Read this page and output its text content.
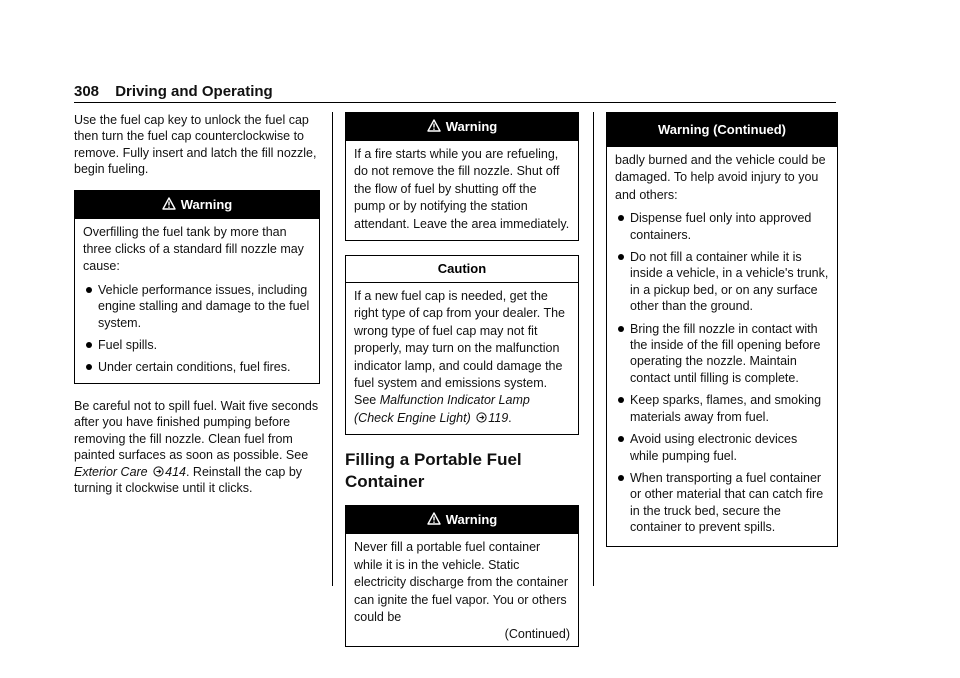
308 Driving and Operating

Use the fuel cap key to unlock the fuel cap then turn the fuel cap counterclockwise to remove. Fully insert and latch the fill nozzle, begin fueling.

Warning

Overfilling the fuel tank by more than three clicks of a standard fill nozzle may cause:

Vehicle performance issues, including engine stalling and damage to the fuel system.
Fuel spills.
Under certain conditions, fuel fires.

Be careful not to spill fuel. Wait five seconds after you have finished pumping before removing the fill nozzle. Clean fuel from painted surfaces as soon as possible. See Exterior Care 414. Reinstall the cap by turning it clockwise until it clicks.

Warning

If a fire starts while you are refueling, do not remove the fill nozzle. Shut off the flow of fuel by shutting off the pump or by notifying the station attendant. Leave the area immediately.

Caution

If a new fuel cap is needed, get the right type of cap from your dealer. The wrong type of fuel cap may not fit properly, may turn on the malfunction indicator lamp, and could damage the fuel system and emissions system. See Malfunction Indicator Lamp (Check Engine Light) 119.

Filling a Portable Fuel Container
Warning

Never fill a portable fuel container while it is in the vehicle. Static electricity discharge from the container can ignite the fuel vapor. You or others could be

(Continued)

Warning (Continued)

badly burned and the vehicle could be damaged. To help avoid injury to you and others:

Dispense fuel only into approved containers.
Do not fill a container while it is inside a vehicle, in a vehicle's trunk, in a pickup bed, or on any surface other than the ground.
Bring the fill nozzle in contact with the inside of the fill opening before operating the nozzle. Maintain contact until filling is complete.
Keep sparks, flames, and smoking materials away from fuel.
Avoid using electronic devices while pumping fuel.
When transporting a fuel container or other material that can catch fire in the truck bed, secure the container to prevent spills.
